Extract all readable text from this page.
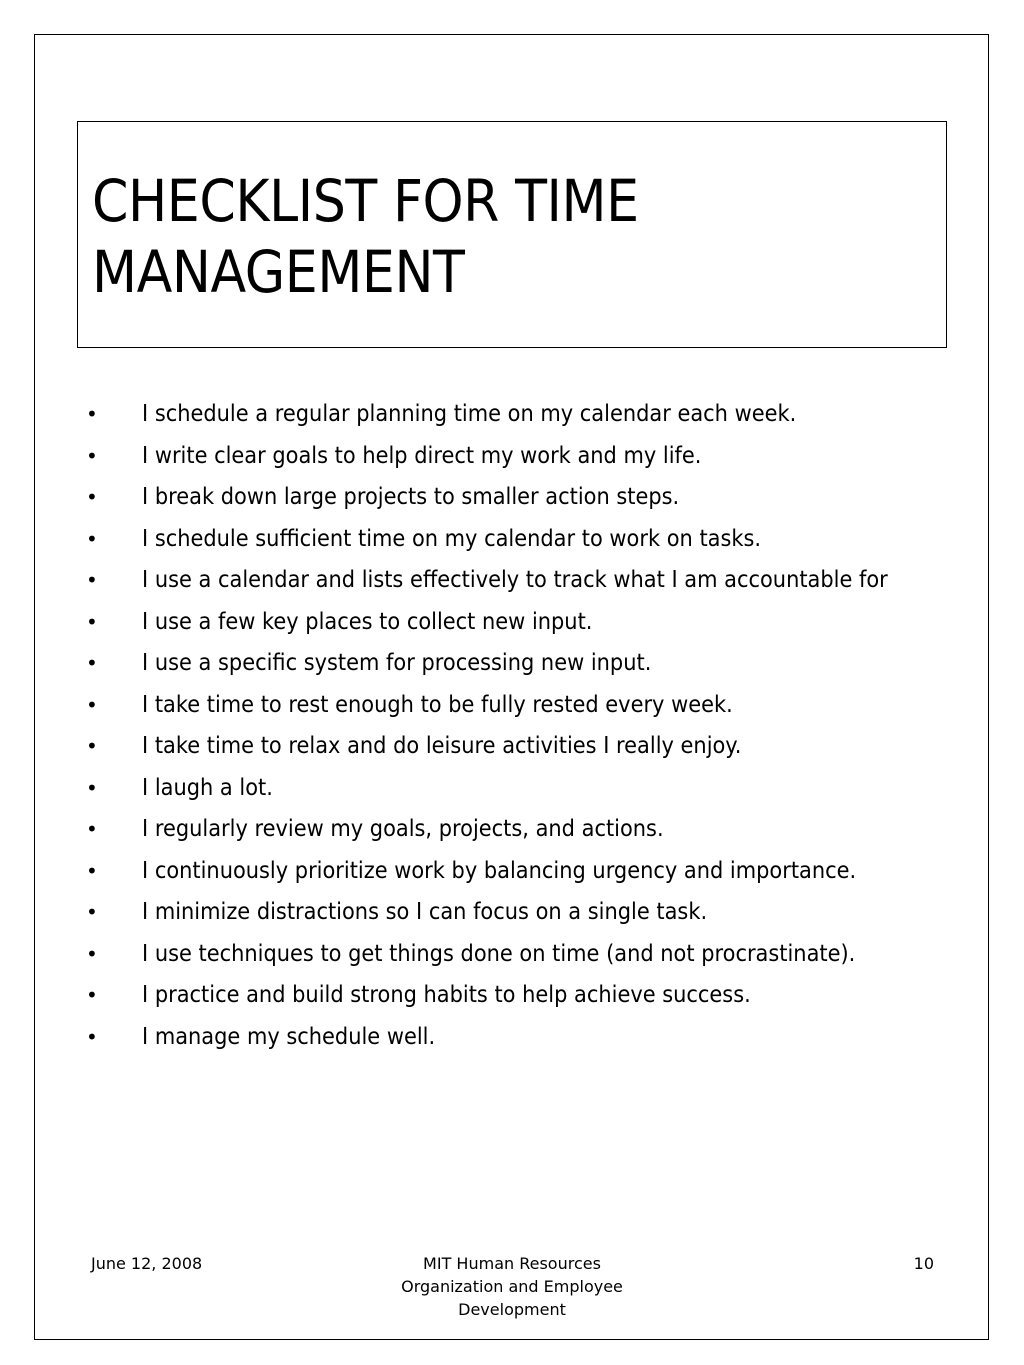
CHECKLIST FOR TIME
MANAGEMENT
• I schedule a regular planning time on my calendar each week.
• I write clear goals to help direct my work and my life.
• I break down large projects to smaller action steps.
• I schedule sufficient time on my calendar to work on tasks.
• I use a calendar and lists effectively to track what I am accountable for
• I use a few key places to collect new input.
• I use a specific system for processing new input.
• I take time to rest enough to be fully rested every week.
• I take time to relax and do leisure activities I really enjoy.
• I laugh a lot.
• I regularly review my goals, projects, and actions.
• I continuously prioritize work by balancing urgency and importance.
• I minimize distractions so I can focus on a single task.
• I use techniques to get things done on time (and not procrastinate).
• I practice and build strong habits to help achieve success.
• I manage my schedule well.
June 12, 2008	MIT Human Resources
Organization and Employee
Development
10
